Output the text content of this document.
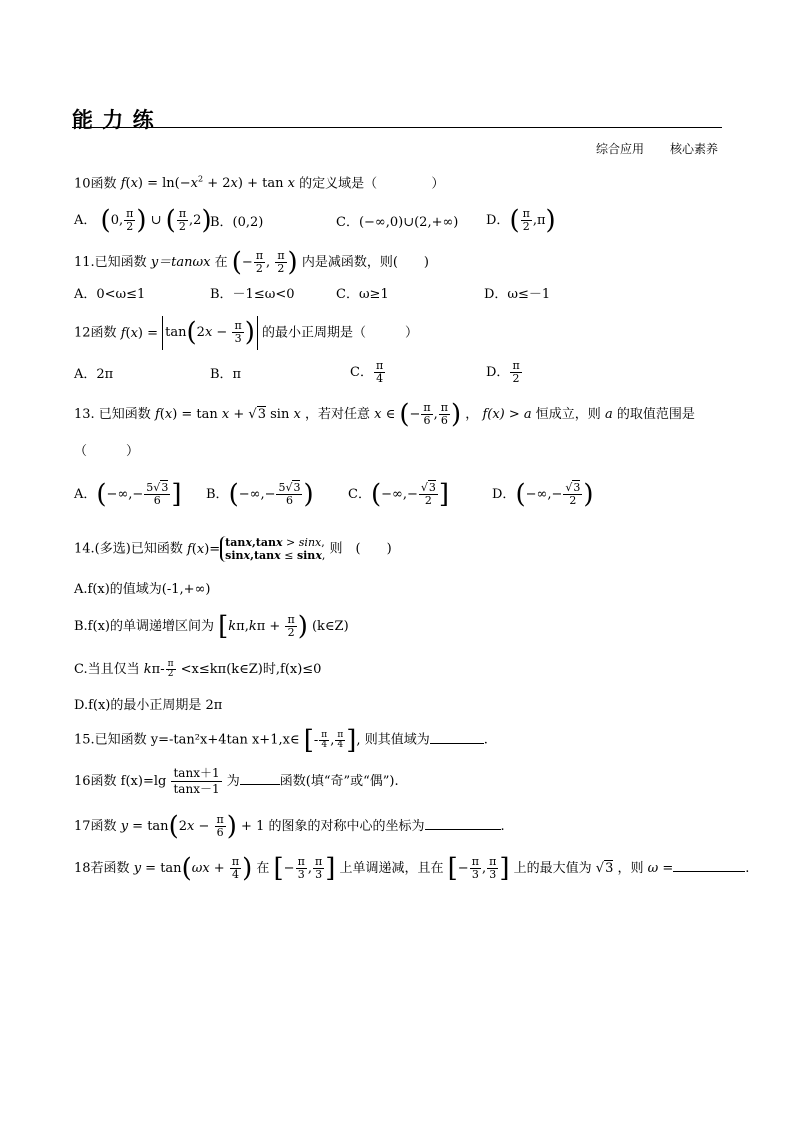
能 力 练
综合应用 核心素养
10函数 $f(x) = \ln(-x^2 + 2x) + \tan x$ 的定义域是（	）
A． (0, $\frac{\pi}{2}$ ) ∪ ( $\frac{\pi}{2} ,2$)
B．(0,2)	C．(−∞,0)∪(2,+∞) D．( $\frac{\pi}{2} ,\pi$)
11.已知函数 y＝tanωx 在 (− $\frac{\pi}{2}$ , $\frac{\pi}{2}$ ) 内是减函数，则(　　)
A．0<ω≤1	B．－1≤ω<0	C．ω≥1	D．ω≤－1
12函数 $f(x) = \tan(2x - \frac{\pi}{3}$ ) 的最小正周期是（　　　）
A．2π	B．π	C． $\frac{\pi}{4}$	D． $\frac{\pi}{2}$
13. 已知函数 f(x) = tan x + √3 sin x ，若对任意 x ∈ (− $\frac{\pi}{6}$ , $\frac{\pi}{6}$ ) ， f(x) > a 恒成立，则 a 的取值范围是
（　　　）
A．(−∞,− $\frac{5√3}{6}$ ] B．(−∞,− $\frac{5√3}{6}$ )	C．(−∞,− $\frac{√3}{2}$ ]	D．(−∞,− $\frac{√3}{2}$ )
14.(多选)已知函数 f(x)= tanx,tanx > sinx,
sinx,tanx ≤ sinx, 则　(　　)
A.f(x)的值域为(-1,+∞)
B.f(x)的单调递增区间为 [$k\pi,k\pi + \frac{\pi}{2}$ ) (k∈Z)
C.当且仅当 $k\pi- \frac{\pi}{2}$ <x≤kπ(k∈Z)时,f(x)≤0
D.f(x)的最小正周期是 2π
15.已知函数 y=-tan²x+4tan x+1,x∈ [- $\frac{\pi}{4}$ , $\frac{\pi}{4}$ ], 则其值域为	.
16函数 $f(x)=\lg \frac{\tan x+1}{\tan x-1}$ 为	函数(填“奇”或“偶”).
17函数 $y = \tan(2x - \frac{\pi}{6}$ ) + 1 的图象的对称中心的坐标为	.
18若函数 $y = \tan(\omega x + \frac{\pi}{4}$ ) 在 [− $\frac{\pi}{3}$ , $\frac{\pi}{3}$ ] 上单调递减，且在 [− $\frac{\pi}{3}$ , $\frac{\pi}{3}$ ] 上的最大值为 √3 ，则 ω =	.
